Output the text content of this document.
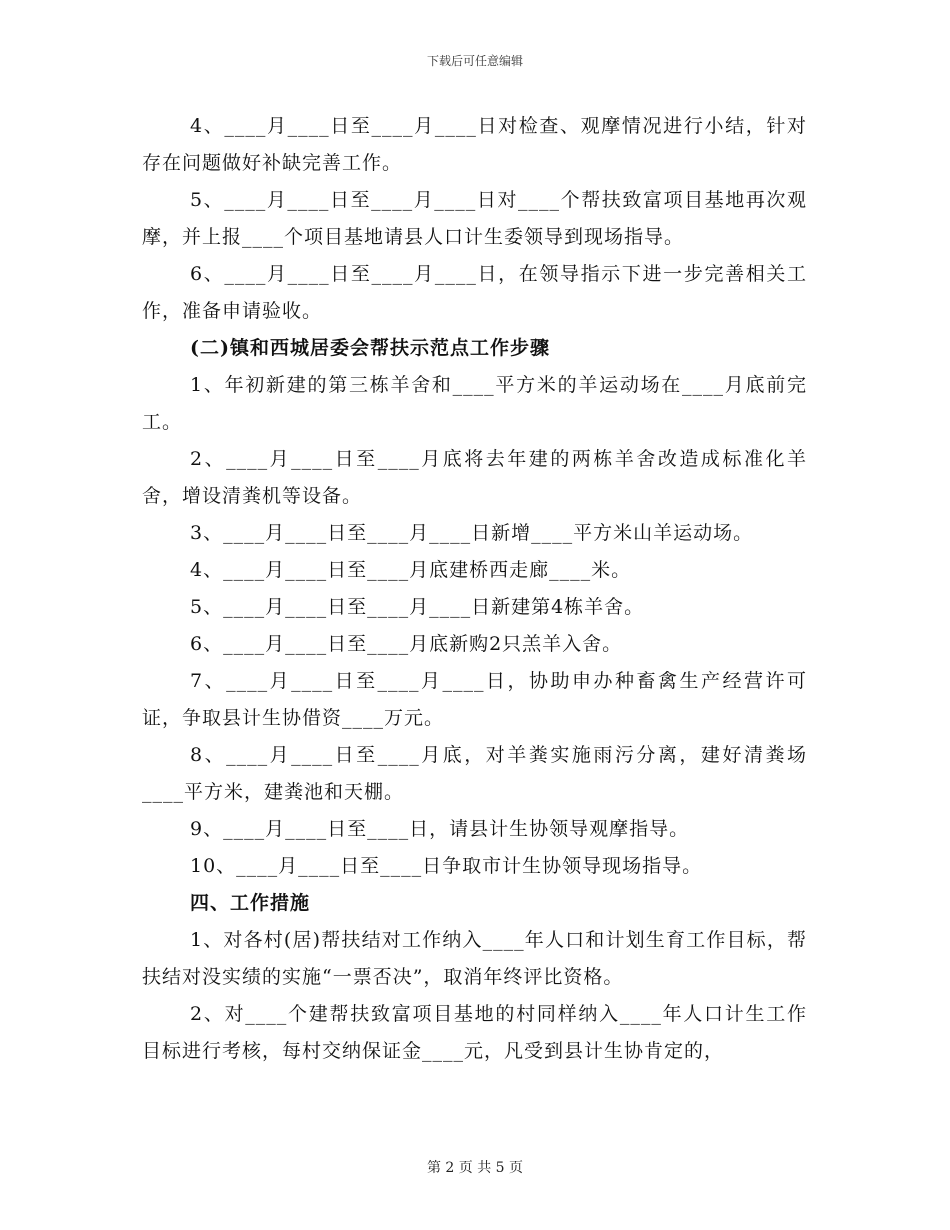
下载后可任意编辑

4、____月____日至____月____日对检查、观摩情况进行小结，针对存在问题做好补缺完善工作。

5、____月____日至____月____日对____个帮扶致富项目基地再次观摩，并上报____个项目基地请县人口计生委领导到现场指导。

6、____月____日至____月____日，在领导指示下进一步完善相关工作，准备申请验收。

(二)镇和西城居委会帮扶示范点工作步骤

1、年初新建的第三栋羊舍和____平方米的羊运动场在____月底前完工。

2、____月____日至____月底将去年建的两栋羊舍改造成标准化羊舍，增设清粪机等设备。

3、____月____日至____月____日新增____平方米山羊运动场。

4、____月____日至____月底建桥西走廊____米。

5、____月____日至____月____日新建第4栋羊舍。

6、____月____日至____月底新购2只羔羊入舍。

7、____月____日至____月____日，协助申办种畜禽生产经营许可证，争取县计生协借资____万元。

8、____月____日至____月底，对羊粪实施雨污分离，建好清粪场____平方米，建粪池和天棚。

9、____月____日至____日，请县计生协领导观摩指导。

10、____月____日至____日争取市计生协领导现场指导。

四、工作措施

1、对各村(居)帮扶结对工作纳入____年人口和计划生育工作目标，帮扶结对没实绩的实施“一票否决”，取消年终评比资格。

2、对____个建帮扶致富项目基地的村同样纳入____年人口计生工作目标进行考核，每村交纳保证金____元，凡受到县计生协肯定的，

第 2 页 共 5 页
